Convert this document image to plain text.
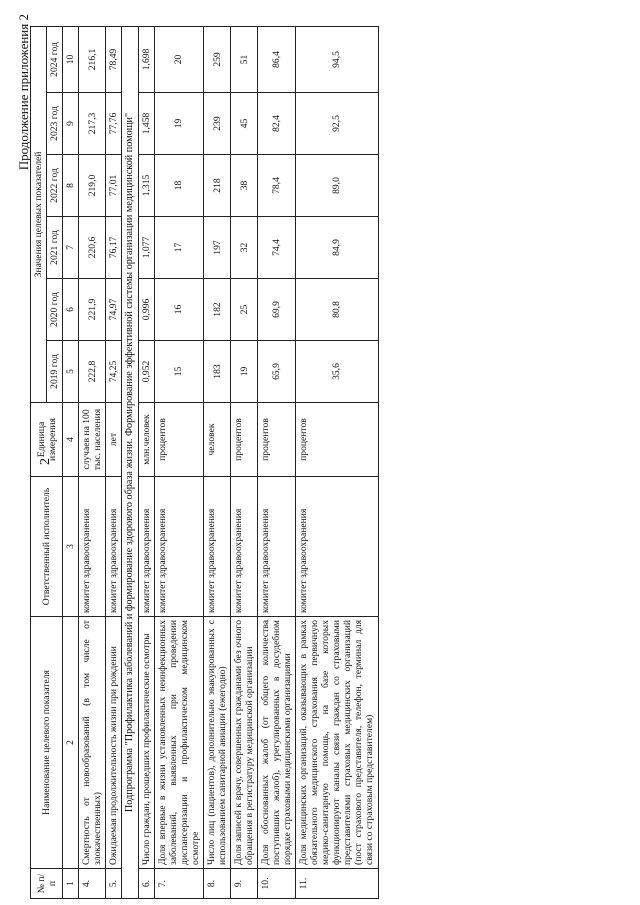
2
Продолжение приложения 2
№ п/п	Наименование целевого показателя	Ответственный исполнитель	Единица измерения	Значения целевых показателей					
				2019 год	2020 год	2021 год	2022 год	2023 год	2024 год
1	2	3	4	5	6	7	8	9	10
4.	Смертность от новообразований (в том числе от злокачественных)	комитет здравоохранения	случаев на 100 тыс. населения	222,8	221,9	220,6	219,0	217,3	216,1
5.	Ожидаемая продолжительность жизни при рождении	комитет здравоохранения	лет	74,25	74,97	76,17	77,01	77,76	78,49
Подпрограмма "Профилактика заболеваний и формирование здорового образа жизни. Формирование эффективной системы организации медицинской помощи"									
6.	Число граждан, прошедших профилактические осмотры	комитет здравоохранения	млн.человек	0,952	0,996	1,077	1,315	1,458	1,698
7.	Доля впервые в жизни установленных неинфекционных заболеваний, выявленных при проведении диспансеризации и профилактическом медицинском осмотре	комитет здравоохранения	процентов	15	16	17	18	19	20
8.	Число лиц (пациентов), дополнительно эвакуированных с использованием санитарной авиации (ежегодно)	комитет здравоохранения	человек	183	182	197	218	239	259
9.	Доля записей к врачу, совершенных гражданами без очного обращения в регистратуру медицинской организации	комитет здравоохранения	процентов	19	25	32	38	45	51
10.	Доля обоснованных жалоб (от общего количества поступивших жалоб), урегулированных в досудебном порядке страховыми медицинскими организациями	комитет здравоохранения	процентов	65,9	69,9	74,4	78,4	82,4	86,4
11.	Доля медицинских организаций, оказывающих в рамках обязательного медицинского страхования первичную медико-санитарную помощь, на базе которых функционируют каналы связи граждан со страховыми представителями страховых медицинских организаций (пост страхового представителя, телефон, терминал для связи со страховым представителем)	комитет здравоохранения	процентов	35,6	80,8	84,9	89,0	92,5	94,5
